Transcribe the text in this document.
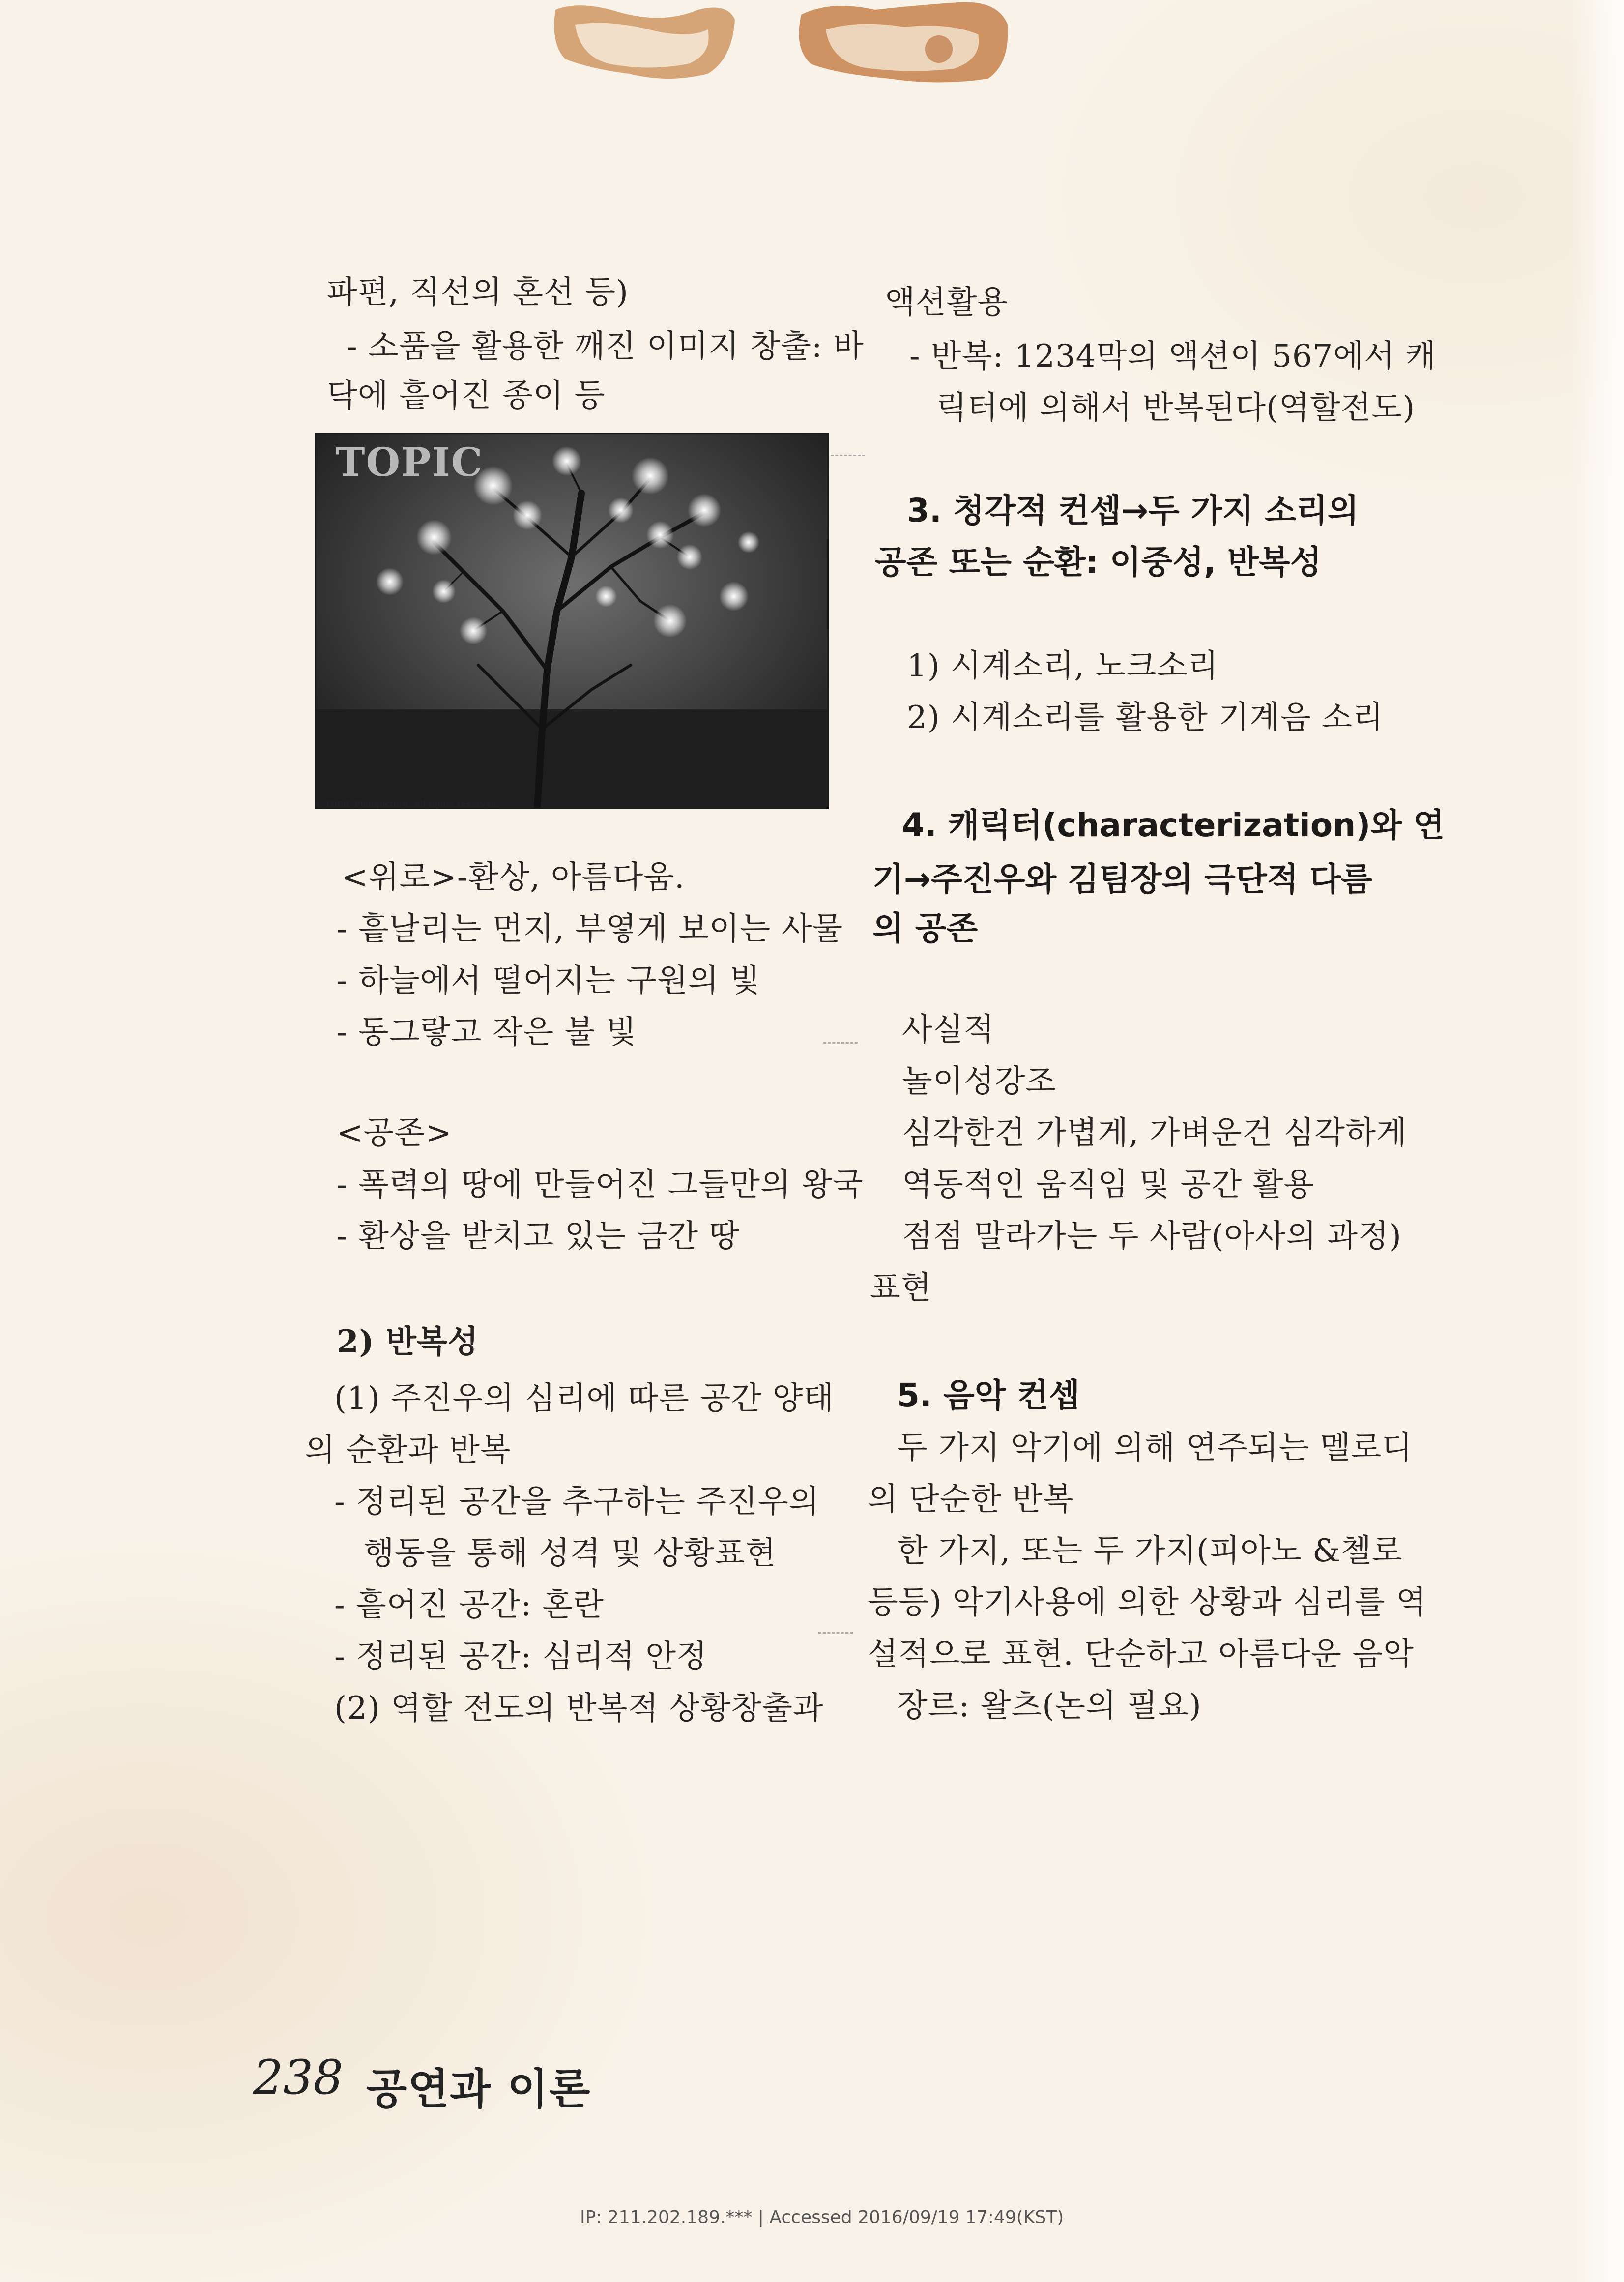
파편, 직선의 혼선 등)
- 소품을 활용한 깨진 이미지 창출: 바
닥에 흩어진 종이 등
TOPIC
© TOPIC/Plainpicture. All rights reserved.
<위로>-환상, 아름다움.
- 흩날리는 먼지, 부옇게 보이는 사물
- 하늘에서 떨어지는 구원의 빛
- 동그랗고 작은 불 빛
<공존>
- 폭력의 땅에 만들어진 그들만의 왕국
- 환상을 받치고 있는 금간 땅
2) 반복성
(1) 주진우의 심리에 따른 공간 양태
의 순환과 반복
- 정리된 공간을 추구하는 주진우의
행동을 통해 성격 및 상황표현
- 흩어진 공간: 혼란
- 정리된 공간: 심리적 안정
(2) 역할 전도의 반복적 상황창출과
액션활용
- 반복: 1234막의 액션이 567에서 캐
릭터에 의해서 반복된다(역할전도)
3. 청각적 컨셉→두 가지 소리의
공존 또는 순환: 이중성, 반복성
1) 시계소리, 노크소리
2) 시계소리를 활용한 기계음 소리
4. 캐릭터(characterization)와 연
기→주진우와 김팀장의 극단적 다름
의 공존
사실적
놀이성강조
심각한건 가볍게, 가벼운건 심각하게
역동적인 움직임 및 공간 활용
점점 말라가는 두 사람(아사의 과정)
표현
5. 음악 컨셉
두 가지 악기에 의해 연주되는 멜로디
의 단순한 반복
한 가지, 또는 두 가지(피아노 &첼로
등등) 악기사용에 의한 상황과 심리를 역
설적으로 표현. 단순하고 아름다운 음악
장르: 왈츠(논의 필요)
238 공연과 이론
IP: 211.202.189.*** | Accessed 2016/09/19 17:49(KST)
